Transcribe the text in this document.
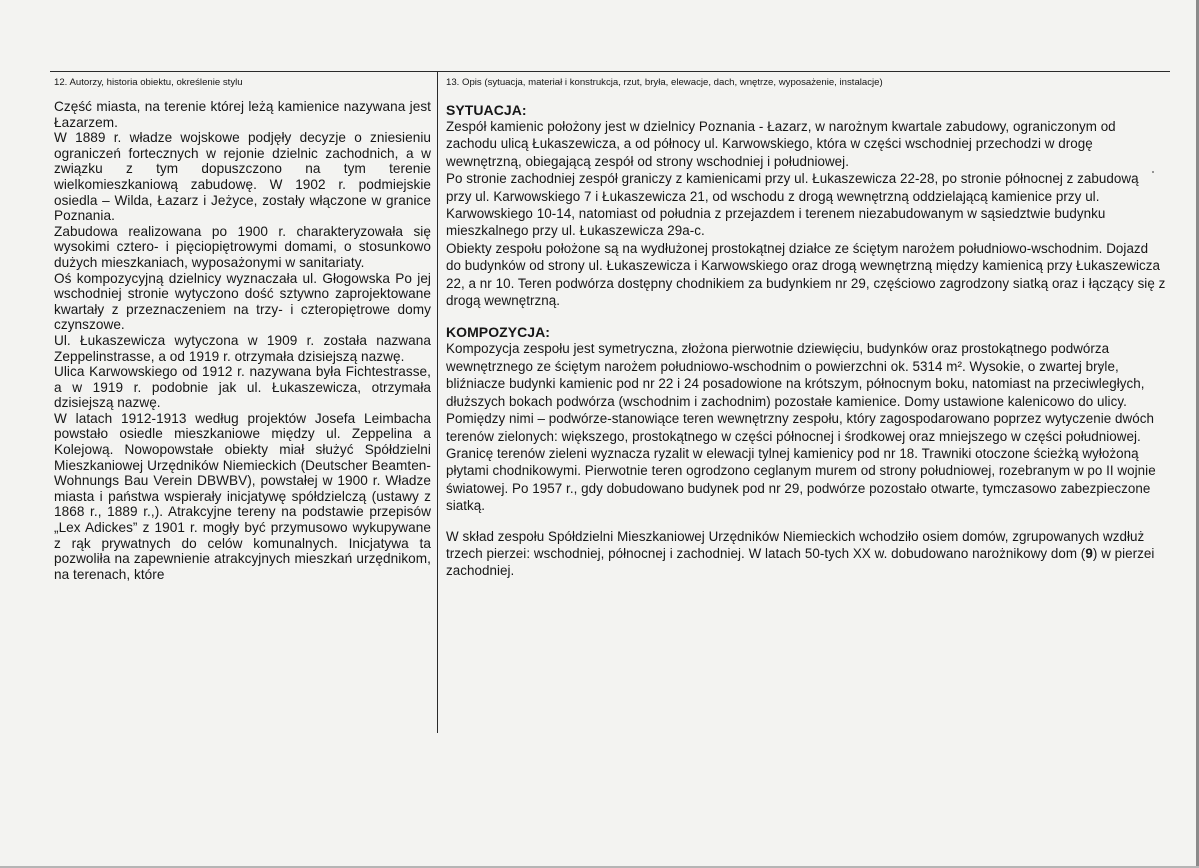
12. Autorzy, historia obiektu, określenie stylu

Część miasta, na terenie której leżą kamienice nazywana jest Łazarzem.

W 1889 r. władze wojskowe podjęły decyzje o zniesieniu ograniczeń fortecznych w rejonie dzielnic zachodnich, a w związku z tym dopuszczono na tym terenie wielkomieszkaniową zabudowę. W 1902 r. podmiejskie osiedla – Wilda, Łazarz i Jeżyce, zostały włączone w granice Poznania.

Zabudowa realizowana po 1900 r. charakteryzowała się wysokimi cztero- i pięciopiętrowymi domami, o stosunkowo dużych mieszkaniach, wyposażonymi w sanitariaty.

Oś kompozycyjną dzielnicy wyznaczała ul. Głogowska Po jej wschodniej stronie wytyczono dość sztywno zaprojektowane kwartały z przeznaczeniem na trzy- i czteropiętrowe domy czynszowe.

Ul. Łukaszewicza wytyczona w 1909 r. została nazwana Zeppelinstrasse, a od 1919 r. otrzymała dzisiejszą nazwę.

Ulica Karwowskiego od 1912 r. nazywana była Fichtestrasse, a w 1919 r. podobnie jak ul. Łukaszewicza, otrzymała dzisiejszą nazwę.

W latach 1912-1913 według projektów Josefa Leimbacha powstało osiedle mieszkaniowe między ul. Zeppelina a Kolejową. Nowopowstałe obiekty miał służyć Spółdzielni Mieszkaniowej Urzędników Niemieckich (Deutscher Beamten-Wohnungs Bau Verein DBWBV), powstałej w 1900 r. Władze miasta i państwa wspierały inicjatywę spółdzielczą (ustawy z 1868 r., 1889 r.,). Atrakcyjne tereny na podstawie przepisów „Lex Adickes” z 1901 r. mogły być przymusowo wykupywane z rąk prywatnych do celów komunalnych. Inicjatywa ta pozwoliła na zapewnienie atrakcyjnych mieszkań urzędnikom, na terenach, które

13. Opis (sytuacja, materiał i konstrukcja, rzut, bryła, elewacje, dach, wnętrze, wyposażenie, instalacje)
SYTUACJA:

Zespół kamienic położony jest w dzielnicy Poznania - Łazarz, w narożnym kwartale zabudowy, ograniczonym od zachodu ulicą Łukaszewicza, a od północy ul. Karwowskiego, która w części wschodniej przechodzi w drogę wewnętrzną, obiegającą zespół od strony wschodniej i południowej.

Po stronie zachodniej zespół graniczy z kamienicami przy ul. Łukaszewicza 22-28, po stronie północnej z zabudową przy ul. Karwowskiego 7 i Łukaszewicza 21, od wschodu z drogą wewnętrzną oddzielającą kamienice przy ul. Karwowskiego 10-14, natomiast od południa z przejazdem i terenem niezabudowanym w sąsiedztwie budynku mieszkalnego przy ul. Łukaszewicza 29a-c.

Obiekty zespołu położone są na wydłużonej prostokątnej działce ze ściętym narożem południowo-wschodnim. Dojazd do budynków od strony ul. Łukaszewicza i Karwowskiego oraz drogą wewnętrzną między kamienicą przy Łukaszewicza 22, a nr 10. Teren podwórza dostępny chodnikiem za budynkiem nr 29, częściowo zagrodzony siatką oraz i łączący się z drogą wewnętrzną.

KOMPOZYCJA:

Kompozycja zespołu jest symetryczna, złożona pierwotnie dziewięciu, budynków oraz prostokątnego podwórza wewnętrznego ze ściętym narożem południowo-wschodnim o powierzchni ok. 5314 m². Wysokie, o zwartej bryle, bliźniacze budynki kamienic pod nr 22 i 24 posadowione na krótszym, północnym boku, natomiast na przeciwległych, dłuższych bokach podwórza (wschodnim i zachodnim) pozostałe kamienice. Domy ustawione kalenicowo do ulicy. Pomiędzy nimi – podwórze-stanowiące teren wewnętrzny zespołu, który zagospodarowano poprzez wytyczenie dwóch terenów zielonych: większego, prostokątnego w części północnej i środkowej oraz mniejszego w części południowej. Granicę terenów zieleni wyznacza ryzalit w elewacji tylnej kamienicy pod nr 18. Trawniki otoczone ścieżką wyłożoną płytami chodnikowymi. Pierwotnie teren ogrodzono ceglanym murem od strony południowej, rozebranym w po II wojnie światowej. Po 1957 r., gdy dobudowano budynek pod nr 29, podwórze pozostało otwarte, tymczasowo zabezpieczone siatką.

W skład zespołu Spółdzielni Mieszkaniowej Urzędników Niemieckich wchodziło osiem domów, zgrupowanych wzdłuż trzech pierzei: wschodniej, północnej i zachodniej. W latach 50-tych XX w. dobudowano narożnikowy dom (9) w pierzei zachodniej.
